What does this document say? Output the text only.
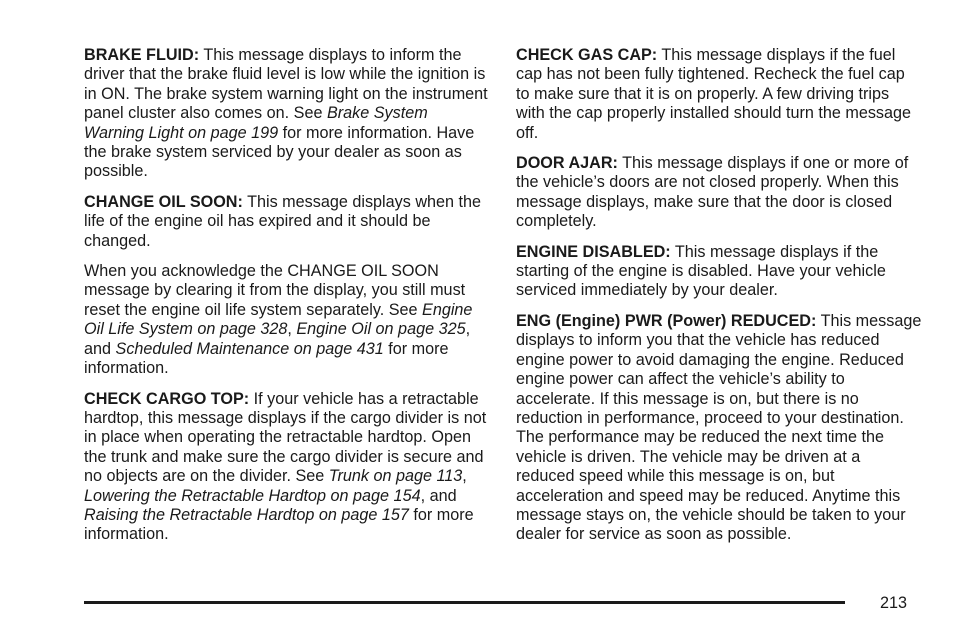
BRAKE FLUID: This message displays to inform the driver that the brake fluid level is low while the ignition is in ON. The brake system warning light on the instrument panel cluster also comes on. See Brake System Warning Light on page 199 for more information. Have the brake system serviced by your dealer as soon as possible.

CHANGE OIL SOON: This message displays when the life of the engine oil has expired and it should be changed.

When you acknowledge the CHANGE OIL SOON message by clearing it from the display, you still must reset the engine oil life system separately. See Engine Oil Life System on page 328, Engine Oil on page 325, and Scheduled Maintenance on page 431 for more information.

CHECK CARGO TOP: If your vehicle has a retractable hardtop, this message displays if the cargo divider is not in place when operating the retractable hardtop. Open the trunk and make sure the cargo divider is secure and no objects are on the divider. See Trunk on page 113, Lowering the Retractable Hardtop on page 154, and Raising the Retractable Hardtop on page 157 for more information.

CHECK GAS CAP: This message displays if the fuel cap has not been fully tightened. Recheck the fuel cap to make sure that it is on properly. A few driving trips with the cap properly installed should turn the message off.

DOOR AJAR: This message displays if one or more of the vehicle’s doors are not closed properly. When this message displays, make sure that the door is closed completely.

ENGINE DISABLED: This message displays if the starting of the engine is disabled. Have your vehicle serviced immediately by your dealer.

ENG (Engine) PWR (Power) REDUCED: This message displays to inform you that the vehicle has reduced engine power to avoid damaging the engine. Reduced engine power can affect the vehicle’s ability to accelerate. If this message is on, but there is no reduction in performance, proceed to your destination. The performance may be reduced the next time the vehicle is driven. The vehicle may be driven at a reduced speed while this message is on, but acceleration and speed may be reduced. Anytime this message stays on, the vehicle should be taken to your dealer for service as soon as possible.

213
